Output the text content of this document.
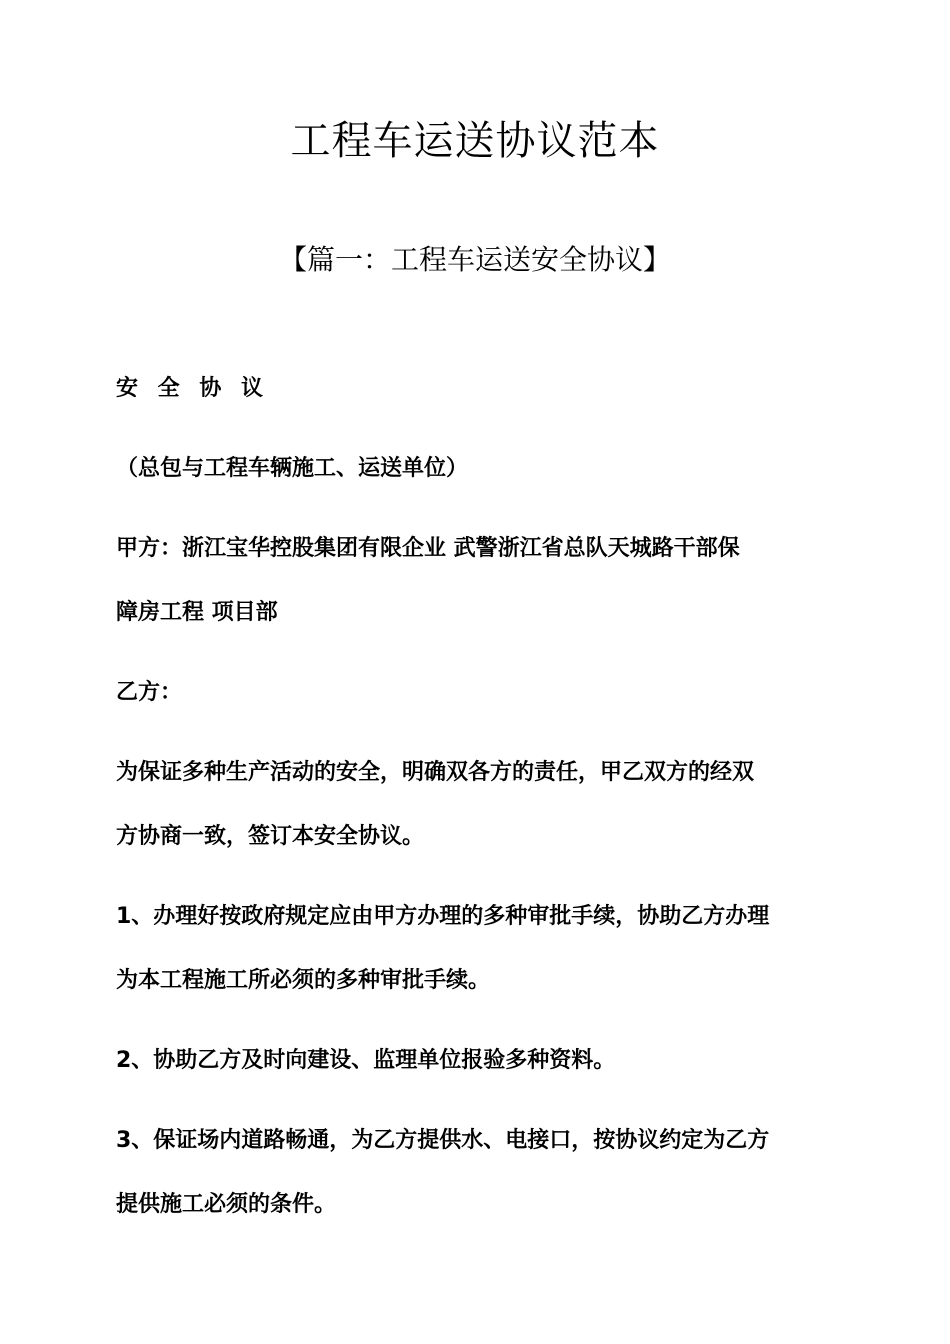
工程车运送协议范本
【篇一：工程车运送安全协议】
安 全 协 议
（总包与工程车辆施工、运送单位）
甲方：浙江宝华控股集团有限企业 武警浙江省总队天城路干部保
障房工程 项目部
乙方：
为保证多种生产活动的安全，明确双各方的责任，甲乙双方的经双
方协商一致，签订本安全协议。
1、办理好按政府规定应由甲方办理的多种审批手续，协助乙方办理
为本工程施工所必须的多种审批手续。
2、协助乙方及时向建设、监理单位报验多种资料。
3、保证场内道路畅通，为乙方提供水、电接口，按协议约定为乙方
提供施工必须的条件。
